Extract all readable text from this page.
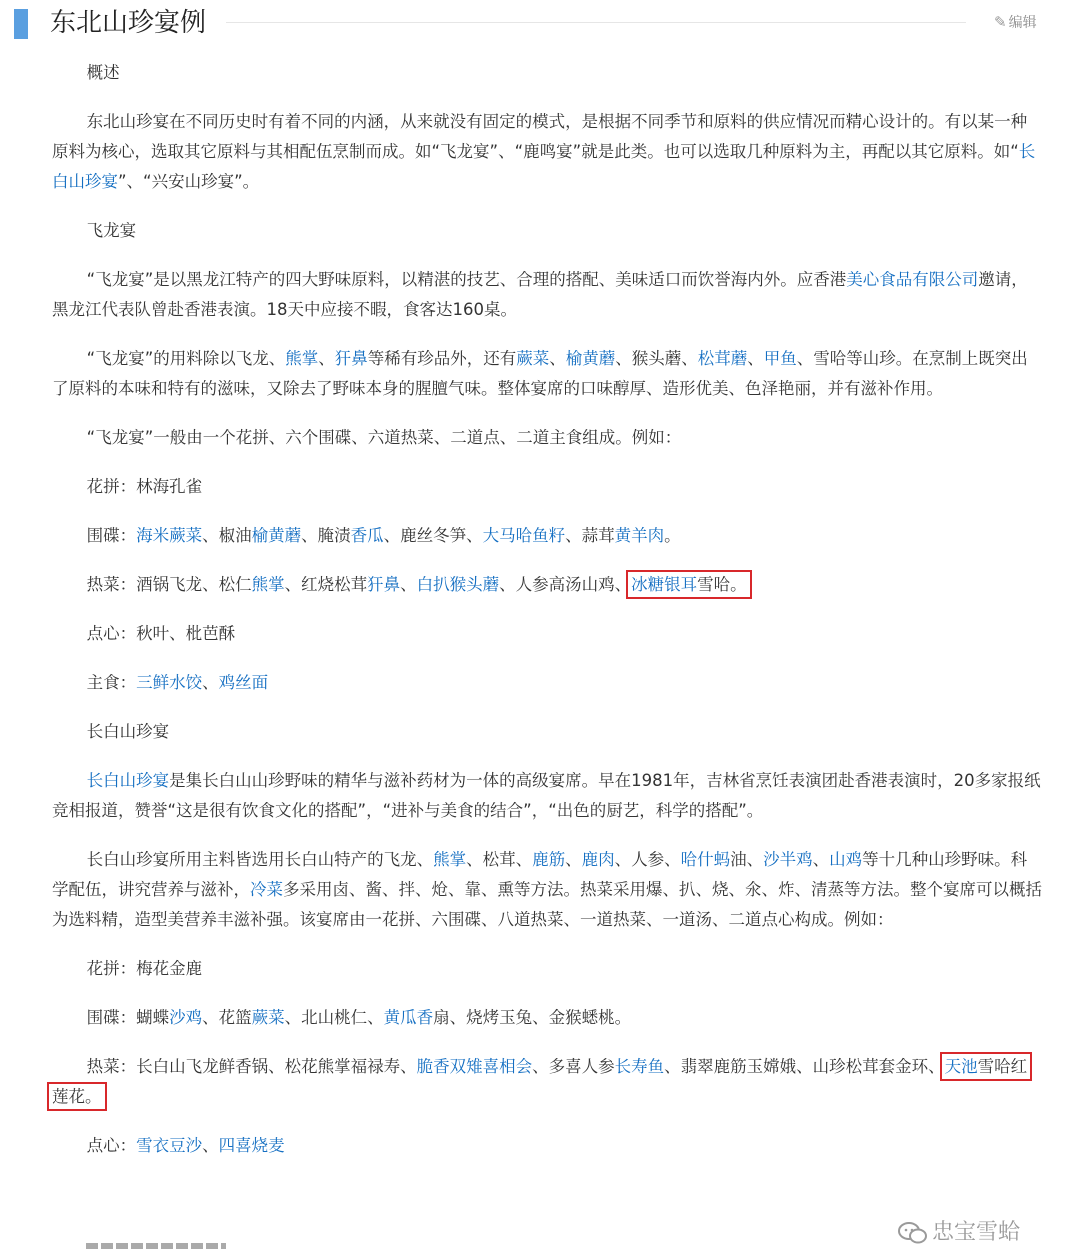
东北山珍宴例	✎ 编辑

概述

东北山珍宴在不同历史时有着不同的内涵，从来就没有固定的模式，是根据不同季节和原料的供应情况而精心设计的。有以某一种原料为核心，选取其它原料与其相配伍烹制而成。如“飞龙宴”、“鹿鸣宴”就是此类。也可以选取几种原料为主，再配以其它原料。如“长白山珍宴”、“兴安山珍宴”。

飞龙宴

“飞龙宴”是以黑龙江特产的四大野味原料，以精湛的技艺、合理的搭配、美味适口而饮誉海内外。应香港美心食品有限公司邀请，黑龙江代表队曾赴香港表演。18天中应接不暇，食客达160桌。

“飞龙宴”的用料除以飞龙、熊掌、犴鼻等稀有珍品外，还有蕨菜、榆黄蘑、猴头蘑、松茸蘑、甲鱼、雪哈等山珍。在烹制上既突出了原料的本味和特有的滋味，又除去了野味本身的腥膻气味。整体宴席的口味醇厚、造形优美、色泽艳丽，并有滋补作用。

“飞龙宴”一般由一个花拼、六个围碟、六道热菜、二道点、二道主食组成。例如：

花拼：林海孔雀

围碟：海米蕨菜、椒油榆黄蘑、腌渍香瓜、鹿丝冬笋、大马哈鱼籽、蒜茸黄羊肉。

热菜：酒锅飞龙、松仁熊掌、红烧松茸犴鼻、白扒猴头蘑、人参高汤山鸡、冰糖银耳雪哈。

点心：秋叶、枇芭酥

主食：三鲜水饺、鸡丝面

长白山珍宴

长白山珍宴是集长白山山珍野味的精华与滋补药材为一体的高级宴席。早在1981年，吉林省烹饪表演团赴香港表演时，20多家报纸竞相报道，赞誉“这是很有饮食文化的搭配”，“进补与美食的结合”，“出色的厨艺，科学的搭配”。

长白山珍宴所用主料皆选用长白山特产的飞龙、熊掌、松茸、鹿筋、鹿肉、人参、哈什蚂油、沙半鸡、山鸡等十几种山珍野味。科学配伍，讲究营养与滋补，冷菜多采用卤、酱、拌、炝、靠、熏等方法。热菜采用爆、扒、烧、氽、炸、清蒸等方法。整个宴席可以概括为选料精，造型美营养丰滋补强。该宴席由一花拼、六围碟、八道热菜、一道热菜、一道汤、二道点心构成。例如：

花拼：梅花金鹿

围碟：蝴蝶沙鸡、花篮蕨菜、北山桃仁、黄瓜香扇、烧烤玉兔、金猴蟋桃。

热菜：长白山飞龙鲜香锅、松花熊掌福禄寿、脆香双雉喜相会、多喜人参长寿鱼、翡翠鹿筋玉嫦娥、山珍松茸套金环、天池雪哈红莲花。

点心：雪衣豆沙、四喜烧麦

忠宝雪蛤
